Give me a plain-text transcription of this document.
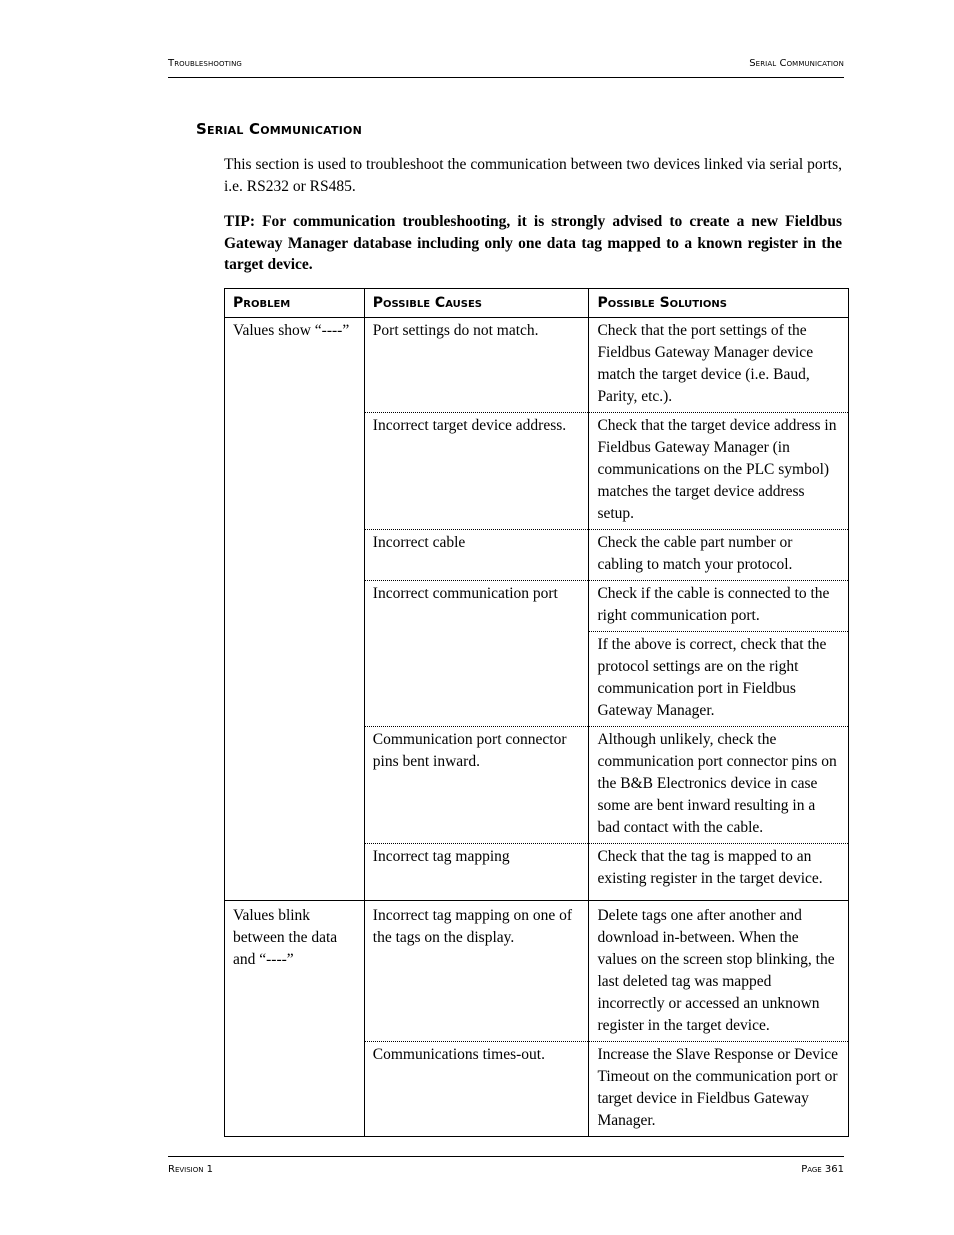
Troubleshooting	Serial Communication
Serial Communication

This section is used to troubleshoot the communication between two devices linked via serial ports, i.e. RS232 or RS485.

TIP: For communication troubleshooting, it is strongly advised to create a new Fieldbus Gateway Manager database including only one data tag mapped to a known register in the target device.

Problem	Possible Causes	Possible Solutions
Values show “----”	Port settings do not match.	Check that the port settings of the Fieldbus Gateway Manager device match the target device (i.e. Baud, Parity, etc.).
	Incorrect target device address.	Check that the target device address in Fieldbus Gateway Manager (in communications on the PLC symbol) matches the target device address setup.
	Incorrect cable	Check the cable part number or cabling to match your protocol.
	Incorrect communication port	Check if the cable is connected to the right communication port.
		If the above is correct, check that the protocol settings are on the right communication port in Fieldbus Gateway Manager.
	Communication port connector pins bent inward.	Although unlikely, check the communication port connector pins on the B&B Electronics device in case some are bent inward resulting in a bad contact with the cable.
	Incorrect tag mapping	Check that the tag is mapped to an existing register in the target device.
Values blink between the data and “----”	Incorrect tag mapping on one of the tags on the display.	Delete tags one after another and download in-between. When the values on the screen stop blinking, the last deleted tag was mapped incorrectly or accessed an unknown register in the target device.
	Communications times-out.	Increase the Slave Response or Device Timeout on the communication port or target device in Fieldbus Gateway Manager.
Revision 1	Page 361
